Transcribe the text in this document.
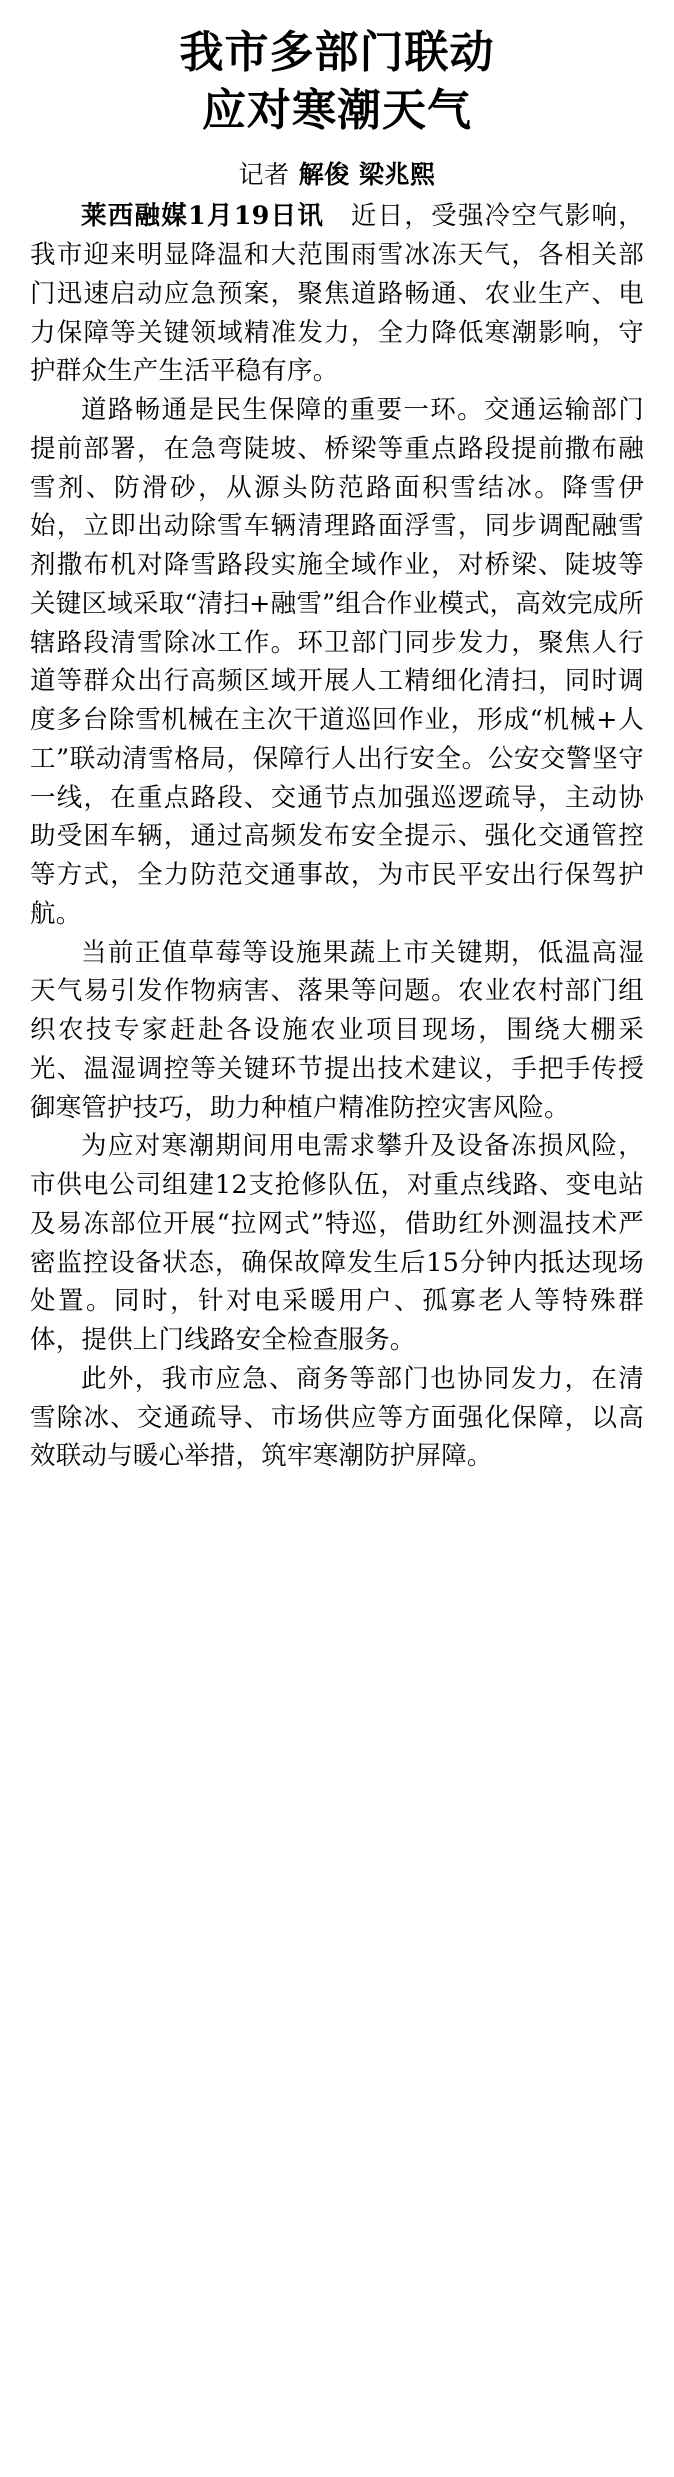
我市多部门联动
应对寒潮天气
记者 解俊 梁兆熙

莱西融媒1月19日讯　 近日，受强冷空气影响，我市迎来明显降温和大范围雨雪冰冻天气，各相关部门迅速启动应急预案，聚焦道路畅通、农业生产、电力保障等关键领域精准发力，全力降低寒潮影响，守护群众生产生活平稳有序。

道路畅通是民生保障的重要一环。交通运输部门提前部署，在急弯陡坡、桥梁等重点路段提前撒布融雪剂、防滑砂，从源头防范路面积雪结冰。降雪伊始，立即出动除雪车辆清理路面浮雪，同步调配融雪剂撒布机对降雪路段实施全域作业，对桥梁、陡坡等关键区域采取“清扫+融雪”组合作业模式，高效完成所辖路段清雪除冰工作。环卫部门同步发力，聚焦人行道等群众出行高频区域开展人工精细化清扫，同时调度多台除雪机械在主次干道巡回作业，形成“机械+人工”联动清雪格局，保障行人出行安全。公安交警坚守一线，在重点路段、交通节点加强巡逻疏导，主动协助受困车辆，通过高频发布安全提示、强化交通管控等方式，全力防范交通事故，为市民平安出行保驾护航。

当前正值草莓等设施果蔬上市关键期，低温高湿天气易引发作物病害、落果等问题。农业农村部门组织农技专家赶赴各设施农业项目现场，围绕大棚采光、温湿调控等关键环节提出技术建议，手把手传授御寒管护技巧，助力种植户精准防控灾害风险。

为应对寒潮期间用电需求攀升及设备冻损风险，市供电公司组建12支抢修队伍，对重点线路、变电站及易冻部位开展“拉网式”特巡，借助红外测温技术严密监控设备状态，确保故障发生后15分钟内抵达现场处置。同时，针对电采暖用户、孤寡老人等特殊群体，提供上门线路安全检查服务。

此外，我市应急、商务等部门也协同发力，在清雪除冰、交通疏导、市场供应等方面强化保障，以高效联动与暖心举措，筑牢寒潮防护屏障。
